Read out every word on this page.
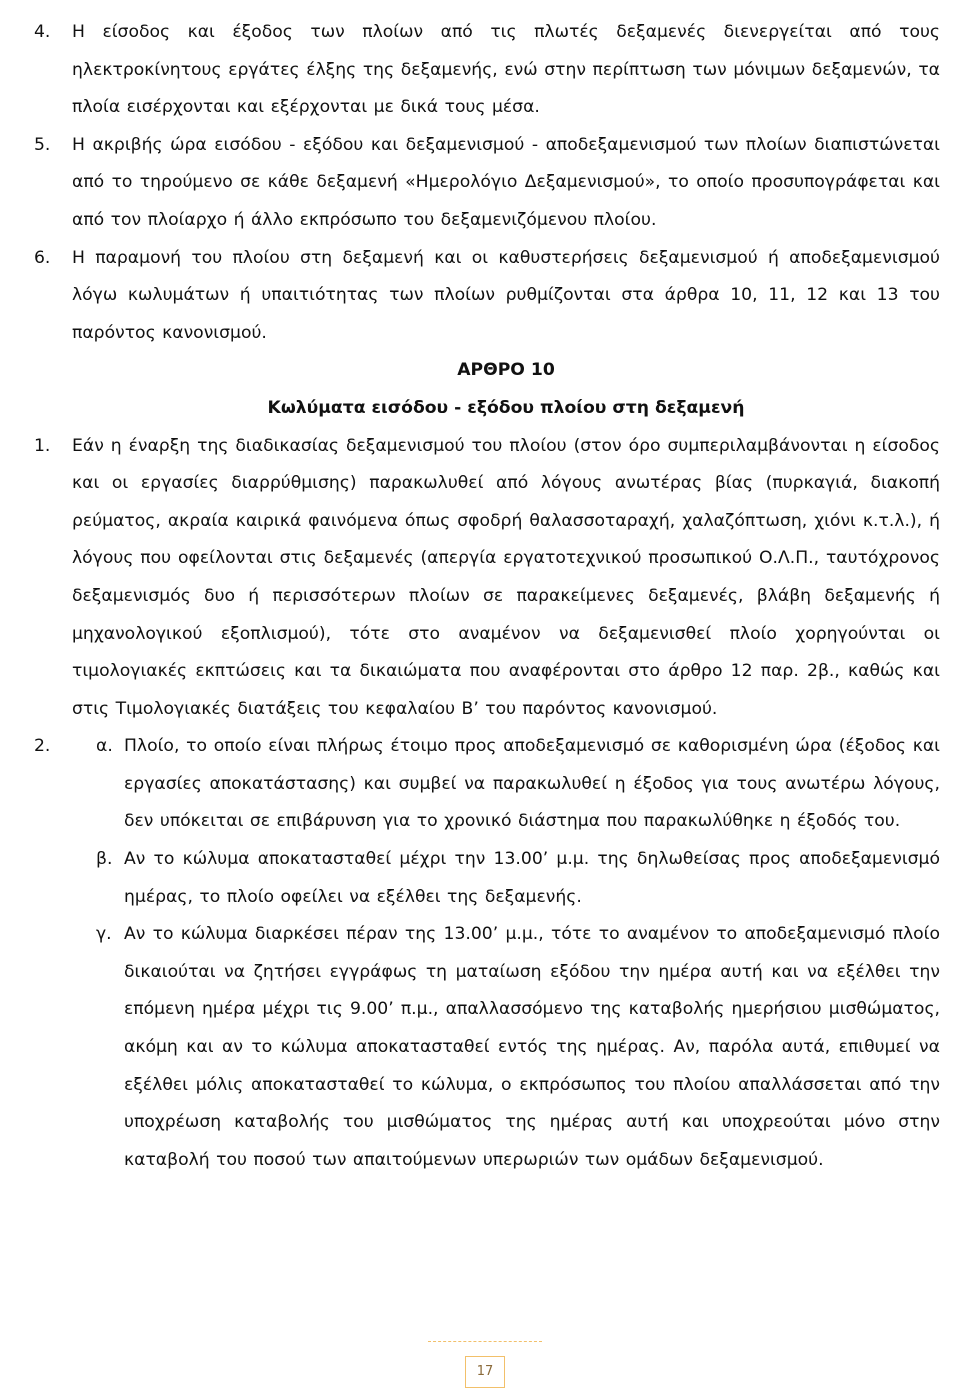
4. Η είσοδος και έξοδος των πλοίων από τις πλωτές δεξαμενές διενεργείται από τους ηλεκτροκίνητους εργάτες έλξης της δεξαμενής, ενώ στην περίπτωση των μόνιμων δεξαμενών, τα πλοία εισέρχονται και εξέρχονται με δικά τους μέσα.
5. Η ακριβής ώρα εισόδου - εξόδου και δεξαμενισμού - αποδεξαμενισμού των πλοίων διαπιστώνεται από το τηρούμενο σε κάθε δεξαμενή «Ημερολόγιο Δεξαμενισμού», το οποίο προσυπογράφεται και από τον πλοίαρχο ή άλλο εκπρόσωπο του δεξαμενιζόμενου πλοίου.
6. Η παραμονή του πλοίου στη δεξαμενή και οι καθυστερήσεις δεξαμενισμού ή αποδεξαμενισμού λόγω κωλυμάτων ή υπαιτιότητας των πλοίων ρυθμίζονται στα άρθρα 10, 11, 12 και 13 του παρόντος κανονισμού.
ΑΡΘΡΟ 10
Κωλύματα εισόδου - εξόδου πλοίου στη δεξαμενή
1. Εάν η έναρξη της διαδικασίας δεξαμενισμού του πλοίου (στον όρο συμπεριλαμβάνονται η είσοδος και οι εργασίες διαρρύθμισης) παρακωλυθεί από λόγους ανωτέρας βίας (πυρκαγιά, διακοπή ρεύματος, ακραία καιρικά φαινόμενα όπως σφοδρή θαλασσοταραχή, χαλαζόπτωση, χιόνι κ.τ.λ.), ή λόγους που οφείλονται στις δεξαμενές (απεργία εργατοτεχνικού προσωπικού Ο.Λ.Π., ταυτόχρονος δεξαμενισμός δυο ή περισσότερων πλοίων σε παρακείμενες δεξαμενές, βλάβη δεξαμενής ή μηχανολογικού εξοπλισμού), τότε στο αναμένον να δεξαμενισθεί πλοίο χορηγούνται οι τιμολογιακές εκπτώσεις και τα δικαιώματα που αναφέρονται στο άρθρο 12 παρ. 2β., καθώς και στις Τιμολογιακές διατάξεις του κεφαλαίου Β’ του παρόντος κανονισμού.
2.	α. Πλοίο, το οποίο είναι πλήρως έτοιμο προς αποδεξαμενισμό σε καθορισμένη ώρα (έξοδος και εργασίες αποκατάστασης) και συμβεί να παρακωλυθεί η έξοδος για τους ανωτέρω λόγους, δεν υπόκειται σε επιβάρυνση για το χρονικό διάστημα που παρακωλύθηκε η έξοδός του.
β. Αν το κώλυμα αποκατασταθεί μέχρι την 13.00’ μ.μ. της δηλωθείσας προς αποδεξαμενισμό ημέρας, το πλοίο οφείλει να εξέλθει της δεξαμενής.
γ. Αν το κώλυμα διαρκέσει πέραν της 13.00’ μ.μ., τότε το αναμένον το αποδεξαμενισμό πλοίο δικαιούται να ζητήσει εγγράφως τη ματαίωση εξόδου την ημέρα αυτή και να εξέλθει την επόμενη ημέρα μέχρι τις 9.00’ π.μ., απαλλασσόμενο της καταβολής ημερήσιου μισθώματος, ακόμη και αν το κώλυμα αποκατασταθεί εντός της ημέρας. Αν, παρόλα αυτά, επιθυμεί να εξέλθει μόλις αποκατασταθεί το κώλυμα, ο εκπρόσωπος του πλοίου απαλλάσσεται από την υποχρέωση καταβολής του μισθώματος της ημέρας αυτή και υποχρεούται μόνο στην καταβολή του ποσού των απαιτούμενων υπερωριών των ομάδων δεξαμενισμού.
17
